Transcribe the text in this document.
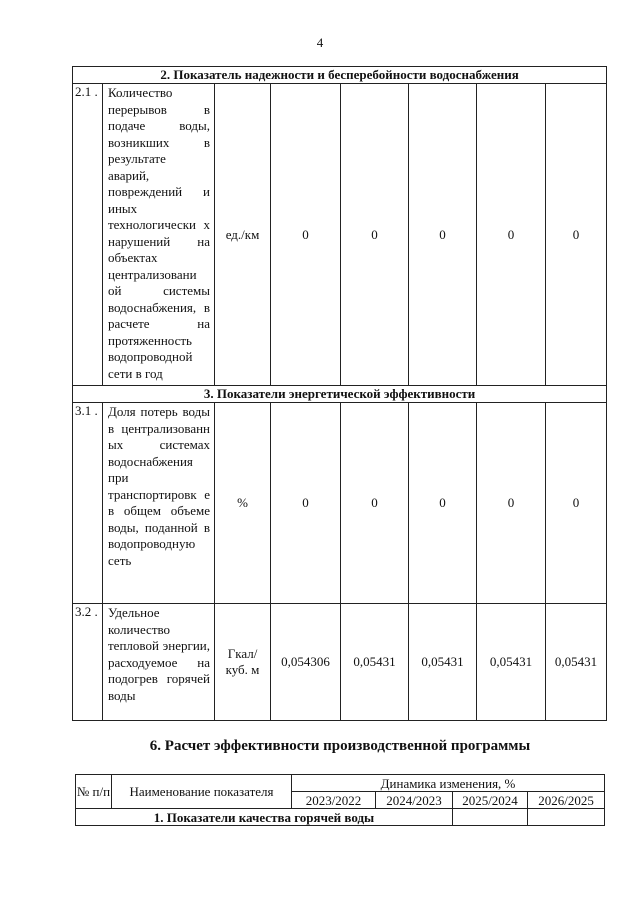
4
2. Показатель надежности и бесперебойности водоснабжения							
2.1 .	Количество перерывов в подаче воды, возникших в результате аварий, повреждений и иных технологически х нарушений на объектах централизовани ой системы водоснабжения, в расчете на протяженность водопроводной сети в год	ед./км	0	0	0	0	0
3. Показатели энергетической эффективности							
3.1 .	Доля потерь воды в централизованн ых системах водоснабжения при транспортировк е в общем объеме воды, поданной в водопроводную сеть	%	0	0	0	0	0
3.2 .	Удельное количество тепловой энергии, расходуемое на подогрев горячей воды	Гкал/ куб. м	0,054306	0,05431	0,05431	0,05431	0,05431
6. Расчет эффективности производственной программы
№ п/п	Наименование показателя	Динамика изменения, %			
		2023/2022	2024/2023	2025/2024	2026/2025
1. Показатели качества горячей воды					
